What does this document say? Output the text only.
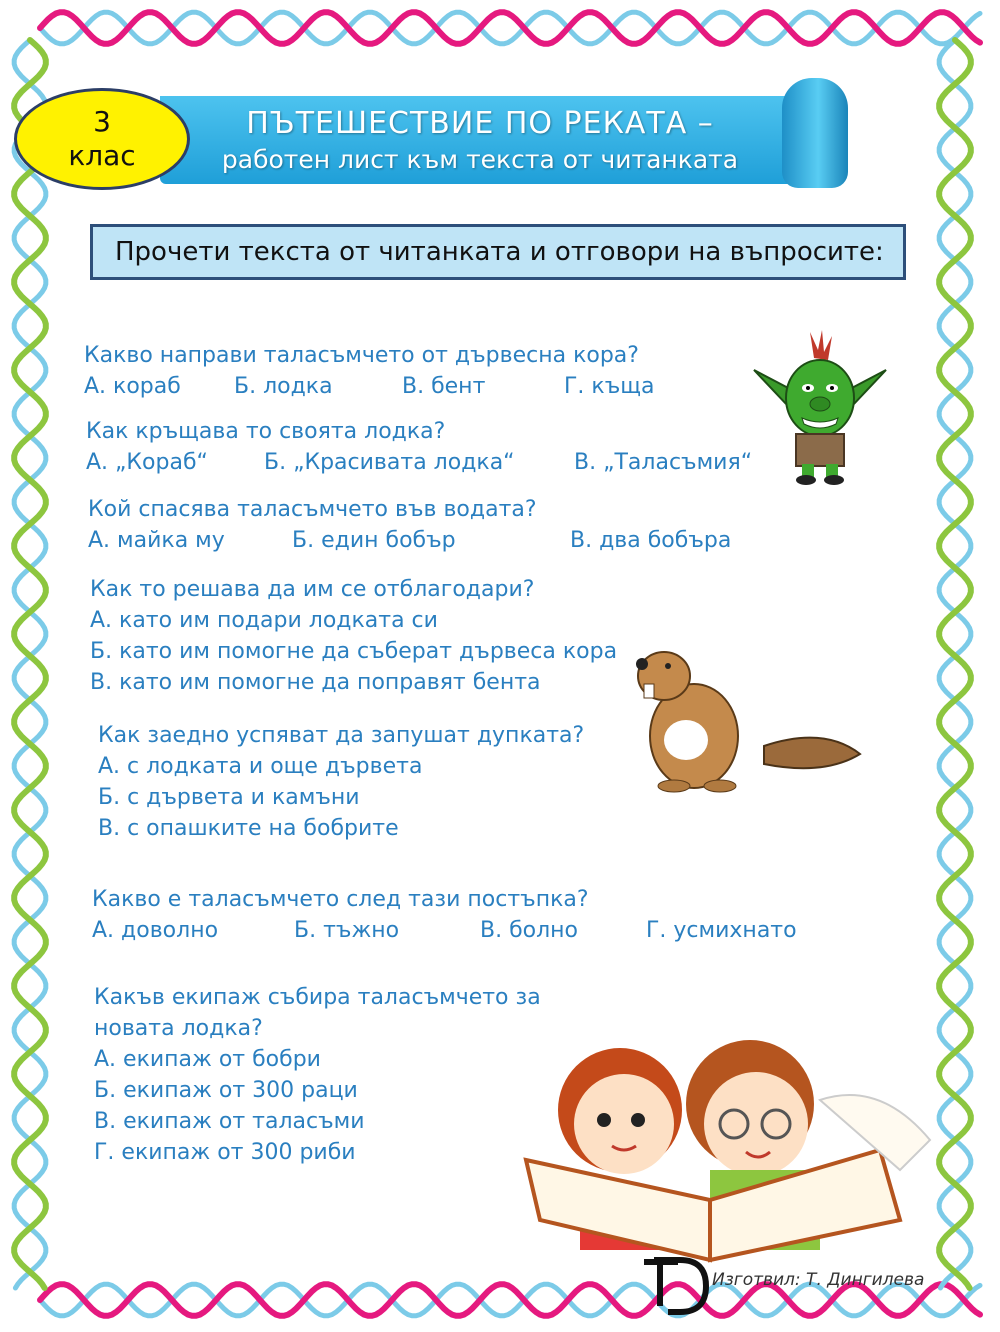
3
клас
ПЪТЕШЕСТВИЕ ПО РЕКАТА –
работен лист към текста от читанката
Прочети текста от читанката и отговори на въпросите:
Какво направи таласъмчето от дървесна кора?
А. кораб Б. лодка	В. бент	Г. къща
Как кръщава то своята лодка?
А. „Кораб“	Б. „Красивата лодка“	В. „Таласъмия“
Кой спасява таласъмчето във водата?
А. майка му	Б. един бобър	В. два бобъра
Как то решава да им се отблагодари?
А. като им подари лодката си
Б. като им помогне да съберат дървеса кора
В. като им помогне да поправят бента
Как заедно успяват да запушат дупката?
А. с лодката и още дървета
Б. с дървета и камъни
В. с опашките на бобрите
Какво е таласъмчето след тази постъпка?
А. доволно	Б. тъжно	В. болно	Г. усмихнато
Какъв екипаж събира таласъмчето за
новата лодка?
А. екипаж от бобри
Б. екипаж от 300 раци
В. екипаж от таласъми
Г. екипаж от 300 риби
Изготвил: Т. Дингилева
